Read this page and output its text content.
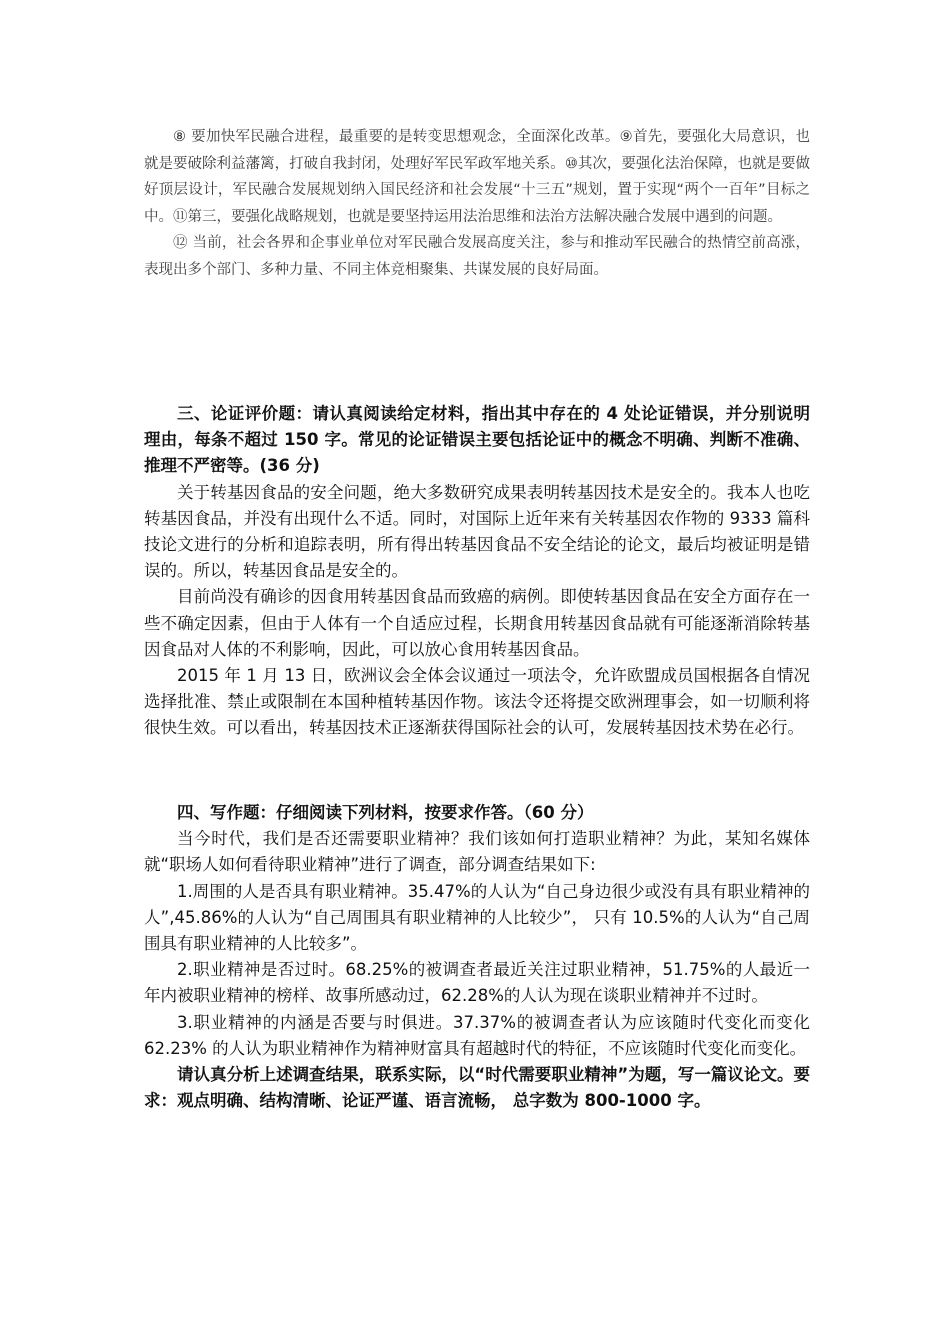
⑧ 要加快军民融合进程，最重要的是转变思想观念，全面深化改革。⑨首先，要强化大局意识，也就是要破除利益藩篱，打破自我封闭，处理好军民军政军地关系。⑩其次，要强化法治保障，也就是要做好顶层设计，军民融合发展规划纳入国民经济和社会发展“十三五”规划，置于实现“两个一百年”目标之中。⑪第三，要强化战略规划，也就是要坚持运用法治思维和法治方法解决融合发展中遇到的问题。

⑫ 当前，社会各界和企事业单位对军民融合发展高度关注，参与和推动军民融合的热情空前高涨，表现出多个部门、多种力量、不同主体竞相聚集、共谋发展的良好局面。

三、论证评价题：请认真阅读给定材料，指出其中存在的 4 处论证错误，并分别说明理由，每条不超过 150 字。常见的论证错误主要包括论证中的概念不明确、判断不准确、推理不严密等。(36 分)

关于转基因食品的安全问题，绝大多数研究成果表明转基因技术是安全的。我本人也吃转基因食品，并没有出现什么不适。同时，对国际上近年来有关转基因农作物的 9333 篇科技论文进行的分析和追踪表明，所有得出转基因食品不安全结论的论文，最后均被证明是错误的。所以，转基因食品是安全的。

目前尚没有确诊的因食用转基因食品而致癌的病例。即使转基因食品在安全方面存在一些不确定因素，但由于人体有一个自适应过程，长期食用转基因食品就有可能逐渐消除转基因食品对人体的不利影响，因此，可以放心食用转基因食品。

2015 年 1 月 13 日，欧洲议会全体会议通过一项法令，允许欧盟成员国根据各自情况选择批准、禁止或限制在本国种植转基因作物。该法令还将提交欧洲理事会，如一切顺利将很快生效。可以看出，转基因技术正逐渐获得国际社会的认可，发展转基因技术势在必行。

四、写作题：仔细阅读下列材料，按要求作答。（60 分）

当今时代，我们是否还需要职业精神？我们该如何打造职业精神？为此，某知名媒体就“职场人如何看待职业精神”进行了调查，部分调查结果如下:

1.周围的人是否具有职业精神。35.47%的人认为“自己身边很少或没有具有职业精神的人”,45.86%的人认为“自己周围具有职业精神的人比较少”， 只有 10.5%的人认为“自己周围具有职业精神的人比较多”。

2.职业精神是否过时。68.25%的被调查者最近关注过职业精神，51.75%的人最近一年内被职业精神的榜样、故事所感动过，62.28%的人认为现在谈职业精神并不过时。

3.职业精神的内涵是否要与时俱进。37.37%的被调查者认为应该随时代变化而变化 62.23% 的人认为职业精神作为精神财富具有超越时代的特征，不应该随时代变化而变化。

请认真分析上述调查结果，联系实际，以“时代需要职业精神”为题，写一篇议论文。要求：观点明确、结构清晰、论证严谨、语言流畅， 总字数为 800-1000 字。
